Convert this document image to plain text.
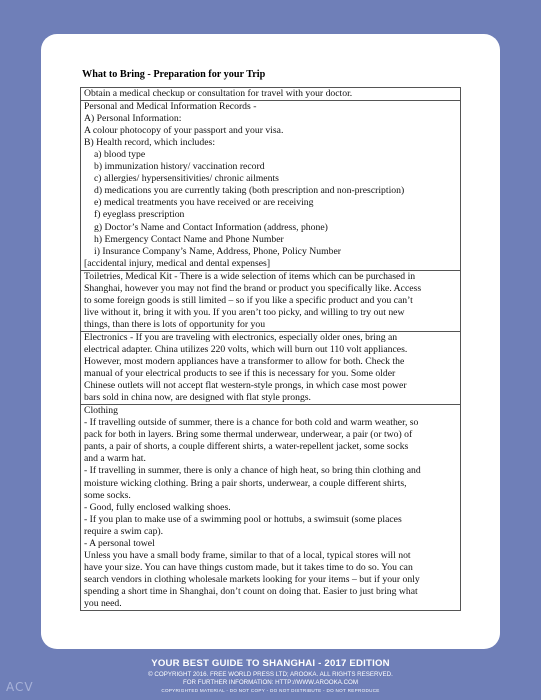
What to Bring - Preparation for your Trip
Obtain a medical checkup or consultation for travel with your doctor.
Personal and Medical Information Records -
A) Personal Information:
A colour photocopy of your passport and your visa.
B) Health record, which includes:
a) blood type
b) immunization history/ vaccination record
c) allergies/ hypersensitivities/ chronic ailments
d) medications you are currently taking (both prescription and non-prescription)
e) medical treatments you have received or are receiving
f) eyeglass prescription
g) Doctor’s Name and Contact Information (address, phone)
h) Emergency Contact Name and Phone Number
i) Insurance Company’s Name, Address, Phone, Policy Number
[accidental injury, medical and dental expenses]
Toiletries, Medical Kit - There is a wide selection of items which can be purchased in
Shanghai, however you may not find the brand or product you specifically like. Access
to some foreign goods is still limited – so if you like a specific product and you can’t
live without it, bring it with you. If you aren’t too picky, and willing to try out new
things, than there is lots of opportunity for you
Electronics - If you are traveling with electronics, especially older ones, bring an
electrical adapter. China utilizes 220 volts, which will burn out 110 volt appliances.
However, most modern appliances have a transformer to allow for both. Check the
manual of your electrical products to see if this is necessary for you. Some older
Chinese outlets will not accept flat western-style prongs, in which case most power
bars sold in china now, are designed with flat style prongs.
Clothing
- If travelling outside of summer, there is a chance for both cold and warm weather, so
pack for both in layers. Bring some thermal underwear, underwear, a pair (or two) of
pants, a pair of shorts, a couple different shirts, a water-repellent jacket, some socks
and a warm hat.
- If travelling in summer, there is only a chance of high heat, so bring thin clothing and
moisture wicking clothing. Bring a pair shorts, underwear, a couple different shirts,
some socks.
- Good, fully enclosed walking shoes.
- If you plan to make use of a swimming pool or hottubs, a swimsuit (some places
require a swim cap).
- A personal towel
Unless you have a small body frame, similar to that of a local, typical stores will not
have your size. You can have things custom made, but it takes time to do so. You can
search vendors in clothing wholesale markets looking for your items – but if your only
spending a short time in Shanghai, don’t count on doing that. Easier to just bring what
you need.
YOUR BEST GUIDE TO SHANGHAI - 2017 EDITION
© COPYRIGHT 2016. FREE WORLD PRESS LTD; AROOKA. ALL RIGHTS RESERVED.
FOR FURTHER INFORMATION: HTTP://WWW.AROOKA.COM
COPYRIGHTED MATERIAL - DO NOT COPY - DO NOT DISTRIBUTE - DO NOT REPRODUCE
ACV
